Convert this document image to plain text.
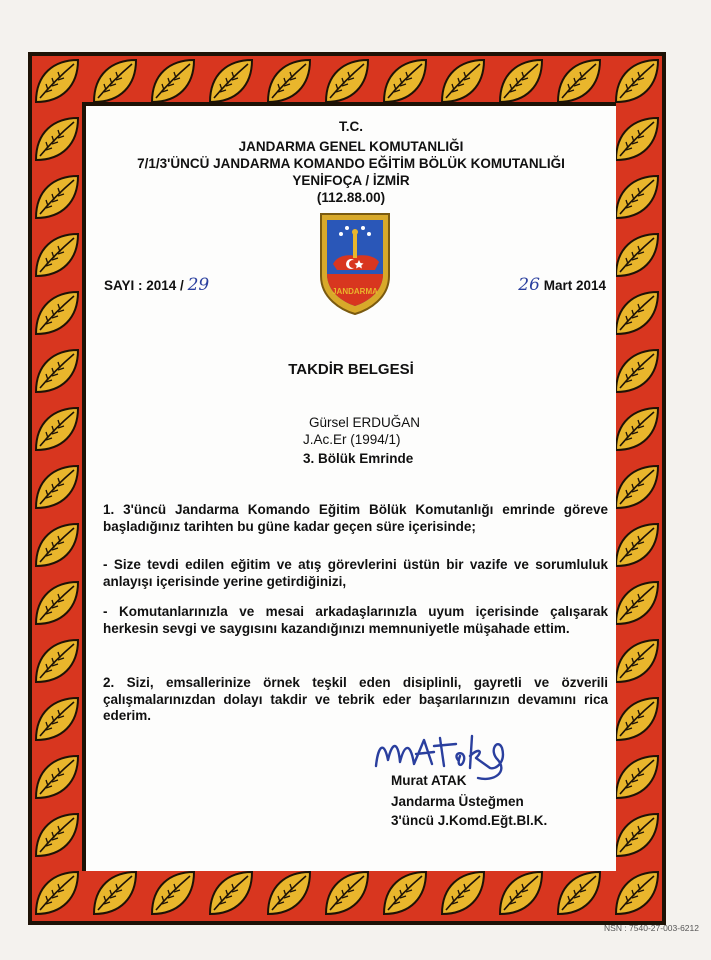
T.C.
JANDARMA GENEL KOMUTANLIĞI
7/1/3'ÜNCÜ JANDARMA KOMANDO EĞİTİM BÖLÜK KOMUTANLIĞI
YENİFOÇA / İZMİR
(112.88.00)
JANDARMA
SAYI : 2014 / 29	26 Mart 2014
TAKDİR BELGESİ
Gürsel ERDUĞAN
J.Ac.Er (1994/1)
3. Bölük Emrinde

1. 3'üncü Jandarma Komando Eğitim Bölük Komutanlığı emrinde göreve başladığınız tarihten bu güne kadar geçen süre içerisinde;

- Size tevdi edilen eğitim ve atış görevlerini üstün bir vazife ve sorumluluk anlayışı içerisinde yerine getirdiğinizi,

- Komutanlarınızla ve mesai arkadaşlarınızla uyum içerisinde çalışarak herkesin sevgi ve saygısını kazandığınızı memnuniyetle müşahade ettim.

2. Sizi, emsallerinize örnek teşkil eden disiplinli, gayretli ve özverili çalışmalarınızdan dolayı takdir ve tebrik eder başarılarınızın devamını rica ederim.

Murat ATAK
Jandarma Üsteğmen
3'üncü J.Komd.Eğt.Bl.K.
NSN : 7540-27-003-6212
